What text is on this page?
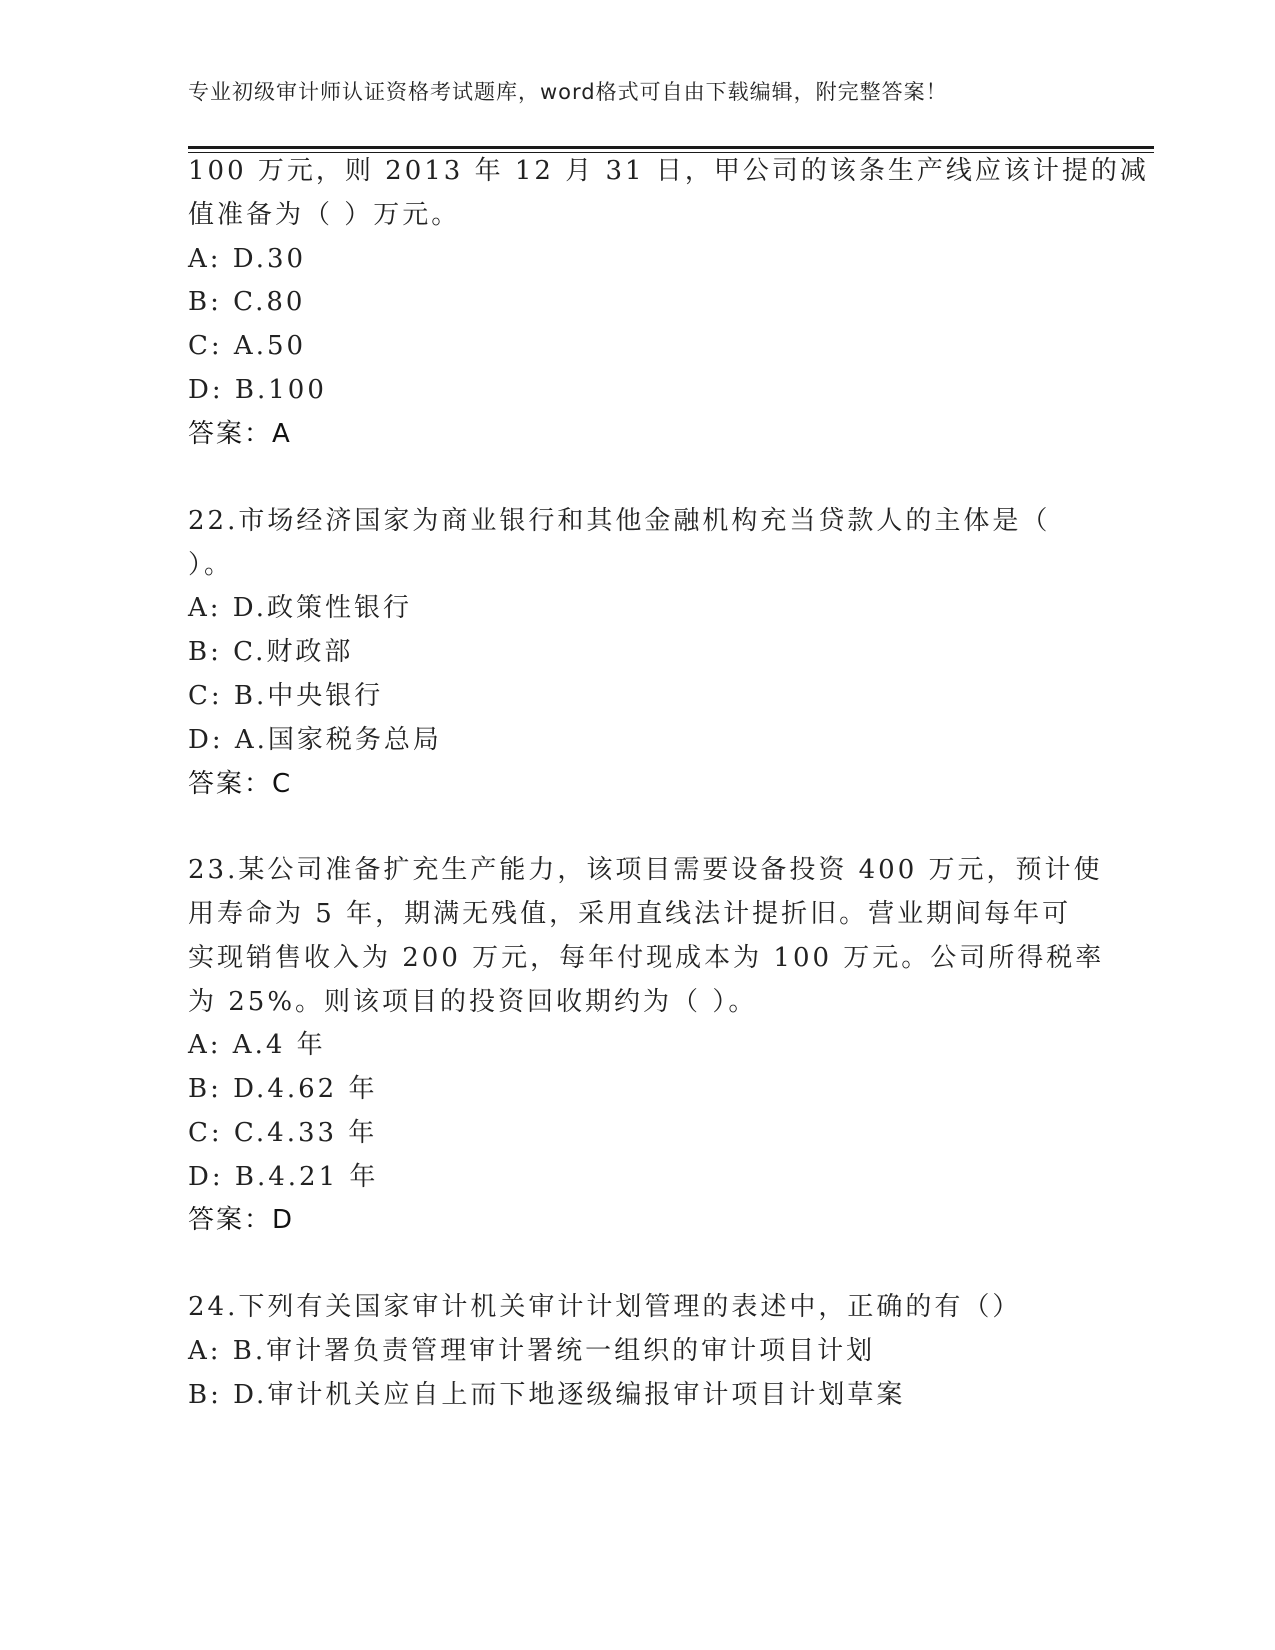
专业初级审计师认证资格考试题库，word格式可自由下载编辑，附完整答案！
100 万元，则 2013 年 12 月 31 日，甲公司的该条生产线应该计提的减
值准备为（ ）万元。
A: D.30
B: C.80
C: A.50
D: B.100
答案：A
22.市场经济国家为商业银行和其他金融机构充当贷款人的主体是（
）。
A: D.政策性银行
B: C.财政部
C: B.中央银行
D: A.国家税务总局
答案：C
23.某公司准备扩充生产能力，该项目需要设备投资 400 万元，预计使
用寿命为 5 年，期满无残值，采用直线法计提折旧。营业期间每年可
实现销售收入为 200 万元，每年付现成本为 100 万元。公司所得税率
为 25%。则该项目的投资回收期约为（ ）。
A: A.4 年
B: D.4.62 年
C: C.4.33 年
D: B.4.21 年
答案：D
24.下列有关国家审计机关审计计划管理的表述中，正确的有（）
A: B.审计署负责管理审计署统一组织的审计项目计划
B: D.审计机关应自上而下地逐级编报审计项目计划草案
